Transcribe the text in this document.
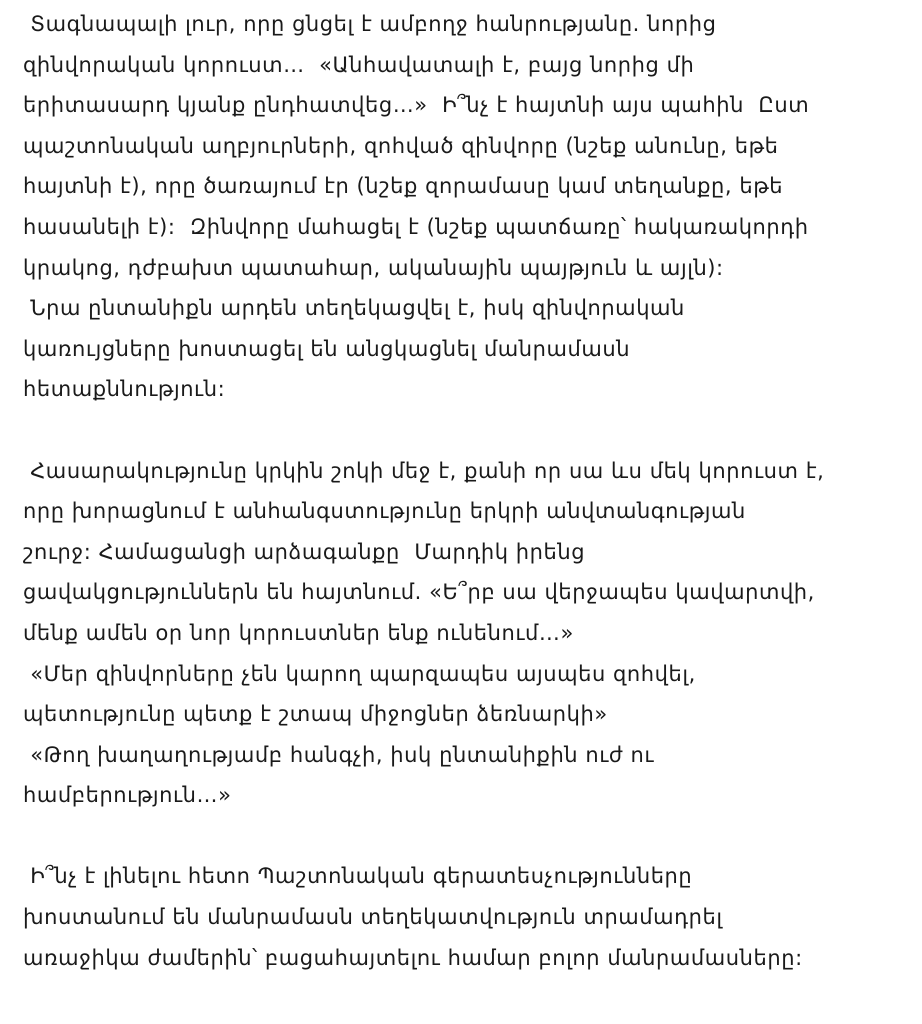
Տագնապալի լուր, որը ցնցել է ամբողջ հանրությանը. նորից
զինվորական կորուստ…  «Անհավատալի է, բայց նորից մի
երիտասարդ կյանք ընդհատվեց…»  Ի՞նչ է հայտնի այս պահին  Ըստ
պաշտոնական աղբյուրների, զոհված զինվորը (նշեք անունը, եթե
հայտնի է), որը ծառայում էր (նշեք զորամասը կամ տեղանքը, եթե
հասանելի է):  Զինվորը մահացել է (նշեք պատճառը՝ հակառակորդի
կրակոց, դժբախտ պատահար, ականային պայթյուն և այլն):
Նրա ընտանիքն արդեն տեղեկացվել է, իսկ զինվորական
կառույցները խոստացել են անցկացնել մանրամասն
հետաքննություն:
Հասարակությունը կրկին շոկի մեջ է, քանի որ սա ևս մեկ կորուստ է,
որը խորացնում է անհանգստությունը երկրի անվտանգության
շուրջ: Համացանցի արձագանքը  Մարդիկ իրենց
ցավակցություններն են հայտնում. «Ե՞րբ սա վերջապես կավարտվի,
մենք ամեն օր նոր կորուստներ ենք ունենում…»
«Մեր զինվորները չեն կարող պարզապես այսպես զոհվել,
պետությունը պետք է շտապ միջոցներ ձեռնարկի»
«Թող խաղաղությամբ հանգչի, իսկ ընտանիքին ուժ ու
համբերություն…»
Ի՞նչ է լինելու հետո Պաշտոնական գերատեսչությունները
խոստանում են մանրամասն տեղեկատվություն տրամադրել
առաջիկա ժամերին՝ բացահայտելու համար բոլոր մանրամասները:
